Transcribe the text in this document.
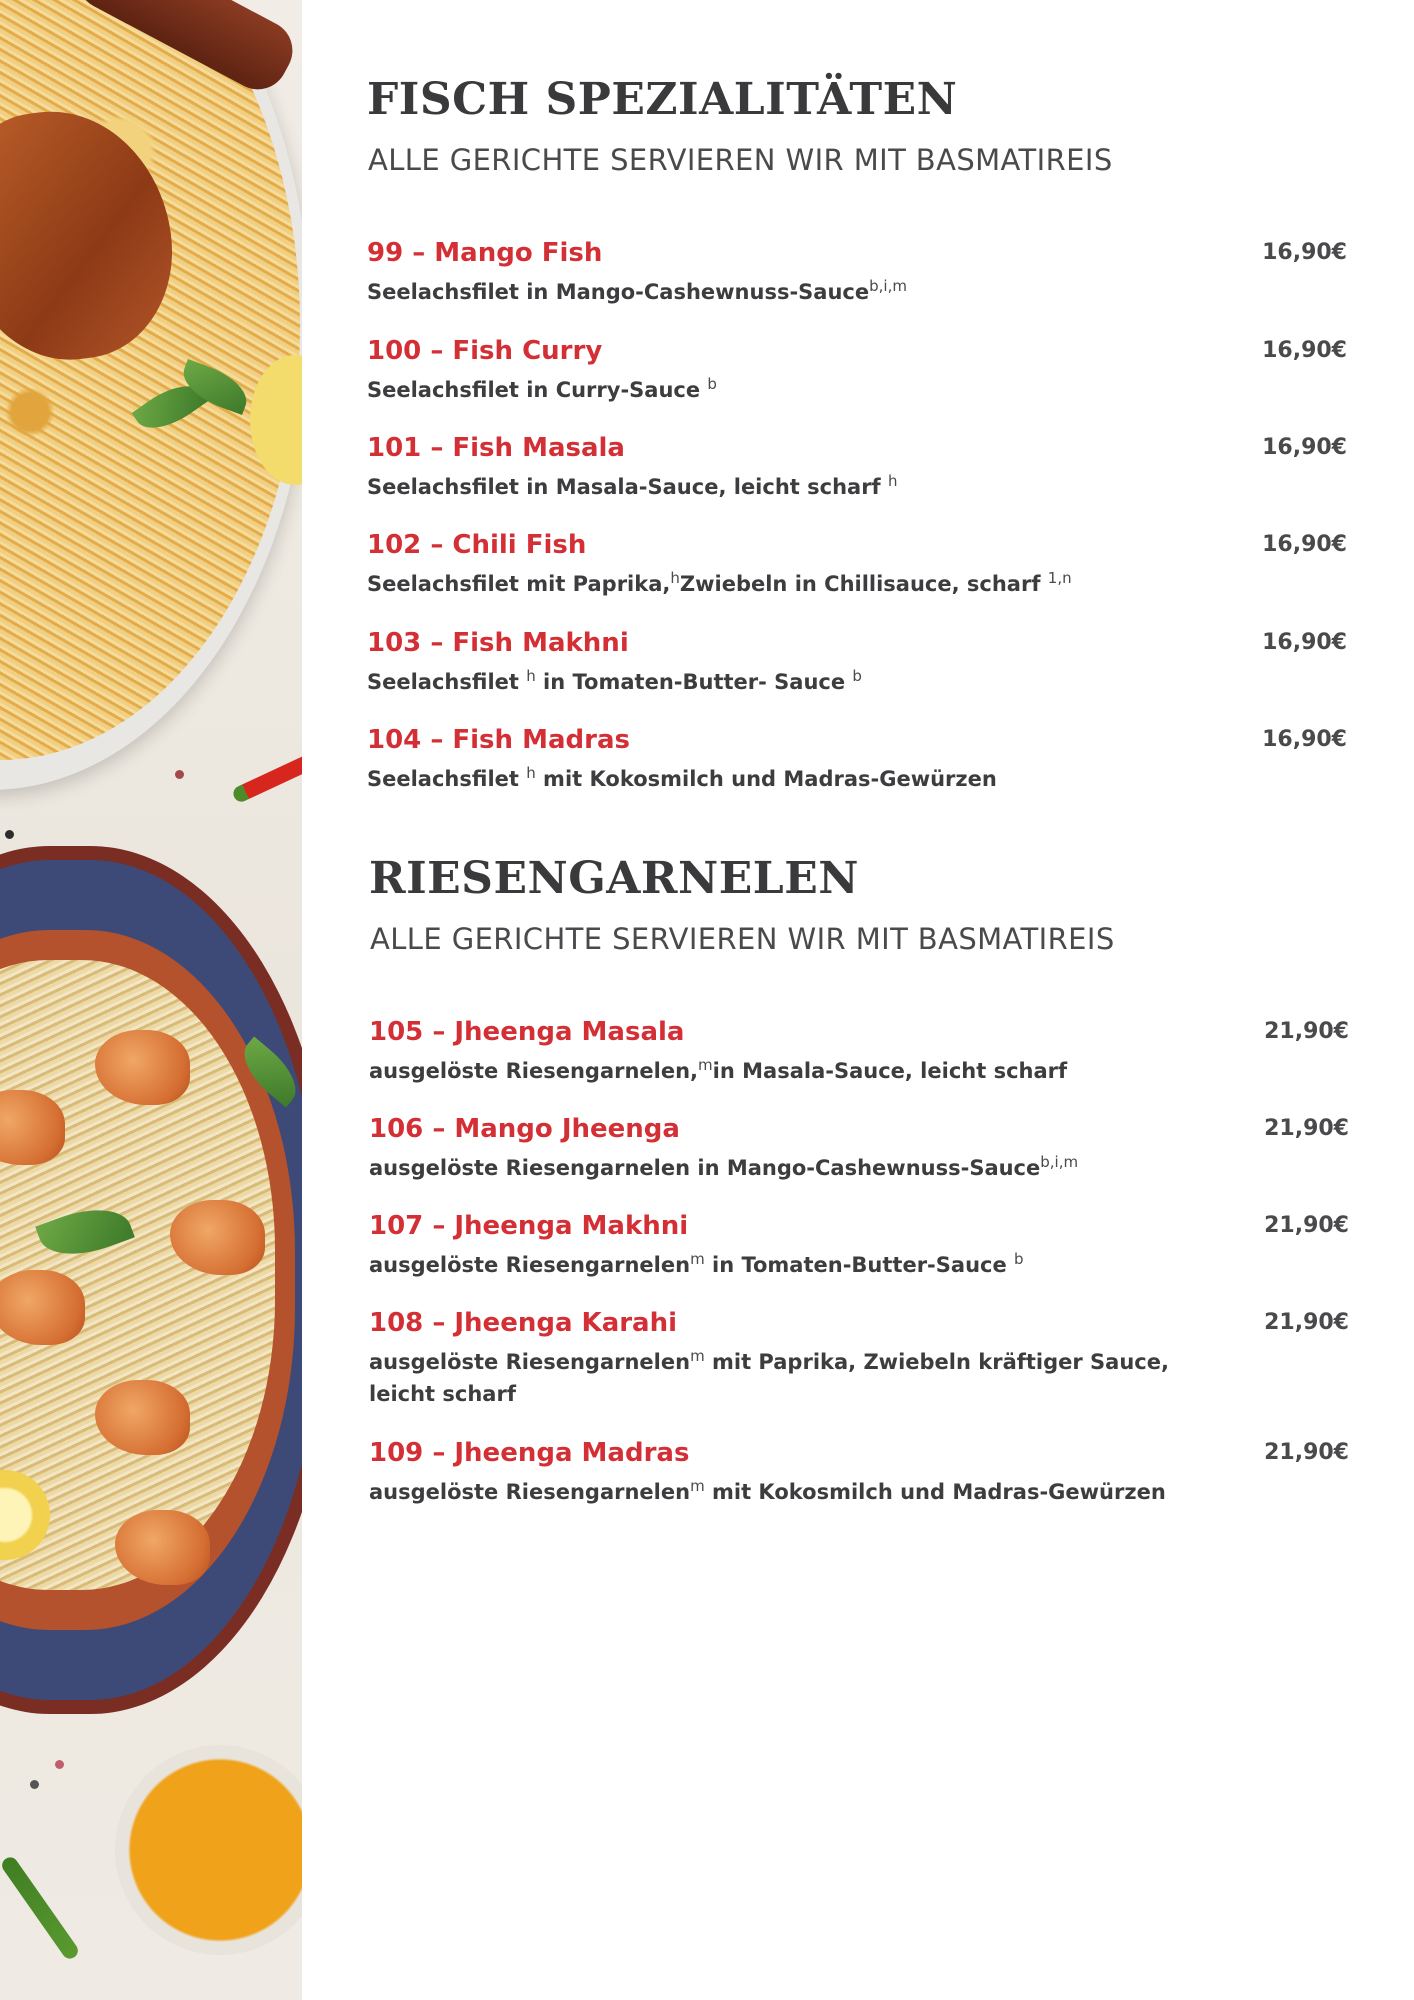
FISCH SPEZIALITÄTEN
ALLE GERICHTE SERVIEREN WIR MIT BASMATIREIS
99 – Mango Fish	16,90€
Seelachsfilet in Mango-Cashewnuss-Sauce$^{b,i,m}$
100 – Fish Curry	16,90€
Seelachsfilet in Curry-Sauce $^b$
101 – Fish Masala	16,90€
Seelachsfilet in Masala-Sauce, leicht scharf $^h$
102 – Chili Fish	16,90€
Seelachsfilet mit Paprika,$^h$Zwiebeln in Chillisauce, scharf $^{1,n}$
103 – Fish Makhni	16,90€
Seelachsfilet $^h$ in Tomaten-Butter- Sauce $^b$
104 – Fish Madras	16,90€
Seelachsfilet $^h$ mit Kokosmilch und Madras-Gewürzen
RIESENGARNELEN
ALLE GERICHTE SERVIEREN WIR MIT BASMATIREIS
105 – Jheenga Masala	21,90€
ausgelöste Riesengarnelen,$^m$in Masala-Sauce, leicht scharf
106 – Mango Jheenga	21,90€
ausgelöste Riesengarnelen in Mango-Cashewnuss-Sauce$^{b,i,m}$
107 – Jheenga Makhni	21,90€
ausgelöste Riesengarnelen$^m$ in Tomaten-Butter-Sauce $^b$
108 – Jheenga Karahi	21,90€
ausgelöste Riesengarnelen$^m$ mit Paprika, Zwiebeln kräftiger Sauce, leicht scharf
109 – Jheenga Madras	21,90€
ausgelöste Riesengarnelen$^m$ mit Kokosmilch und Madras-Gewürzen
